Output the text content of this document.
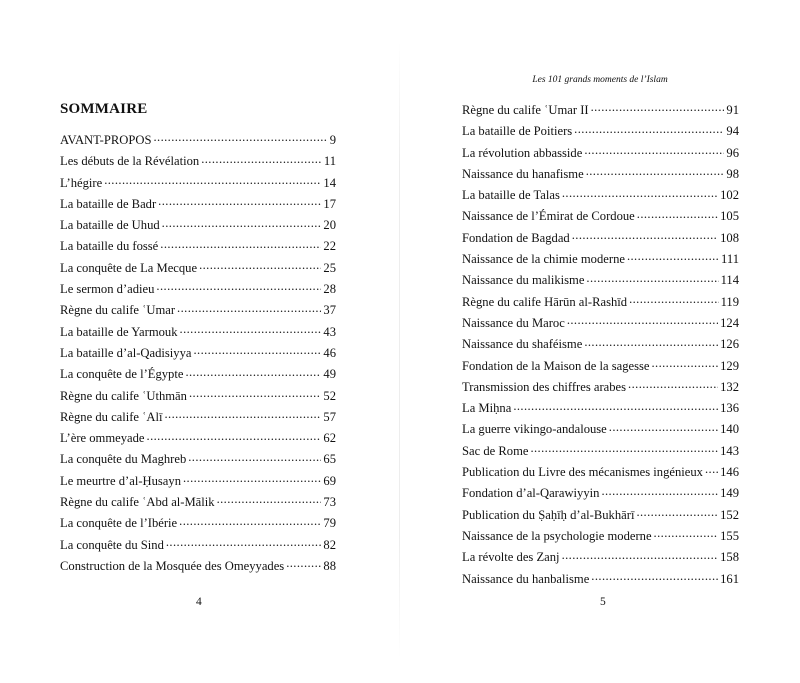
SOMMAIRE
AVANT-PROPOS .....	9
Les débuts de la Révélation .....	11
L’hégire .....	14
La bataille de Badr .....	17
La bataille de Uhud .....	20
La bataille du fossé .....	22
La conquête de La Mecque .....	25
Le sermon d’adieu .....	28
Règne du calife ʿUmar .....	37
La bataille de Yarmouk .....	43
La bataille d’al-Qadisiyya .....	46
La conquête de l’Égypte .....	49
Règne du calife ʿUthmān .....	52
Règne du calife ʿAlī .....	57
L’ère ommeyade .....	62
La conquête du Maghreb .....	65
Le meurtre d’al-Ḥusayn .....	69
Règne du calife ʿAbd al-Mālik .....	73
La conquête de l’Ibérie .....	79
La conquête du Sind .....	82
Construction de la Mosquée des Omeyyades .....	88
4
Les 101 grands moments de l’Islam
Règne du calife ʿUmar II .....	91
La bataille de Poitiers .....	94
La révolution abbasside .....	96
Naissance du hanafisme .....	98
La bataille de Talas .....	102
Naissance de l’Émirat de Cordoue .....	105
Fondation de Bagdad .....	108
Naissance de la chimie moderne .....	111
Naissance du malikisme .....	114
Règne du calife Hārūn al-Rashīd .....	119
Naissance du Maroc .....	124
Naissance du shaféisme .....	126
Fondation de la Maison de la sagesse .....	129
Transmission des chiffres arabes .....	132
La Miḥna .....	136
La guerre vikingo-andalouse .....	140
Sac de Rome .....	143
Publication du Livre des mécanismes ingénieux ..... 146
Fondation d’al-Qarawiyyin .....	149
Publication du Ṣaḥīḥ d’al-Bukhārī .....	152
Naissance de la psychologie moderne .....	155
La révolte des Zanj .....	158
Naissance du hanbalisme .....	161
5
